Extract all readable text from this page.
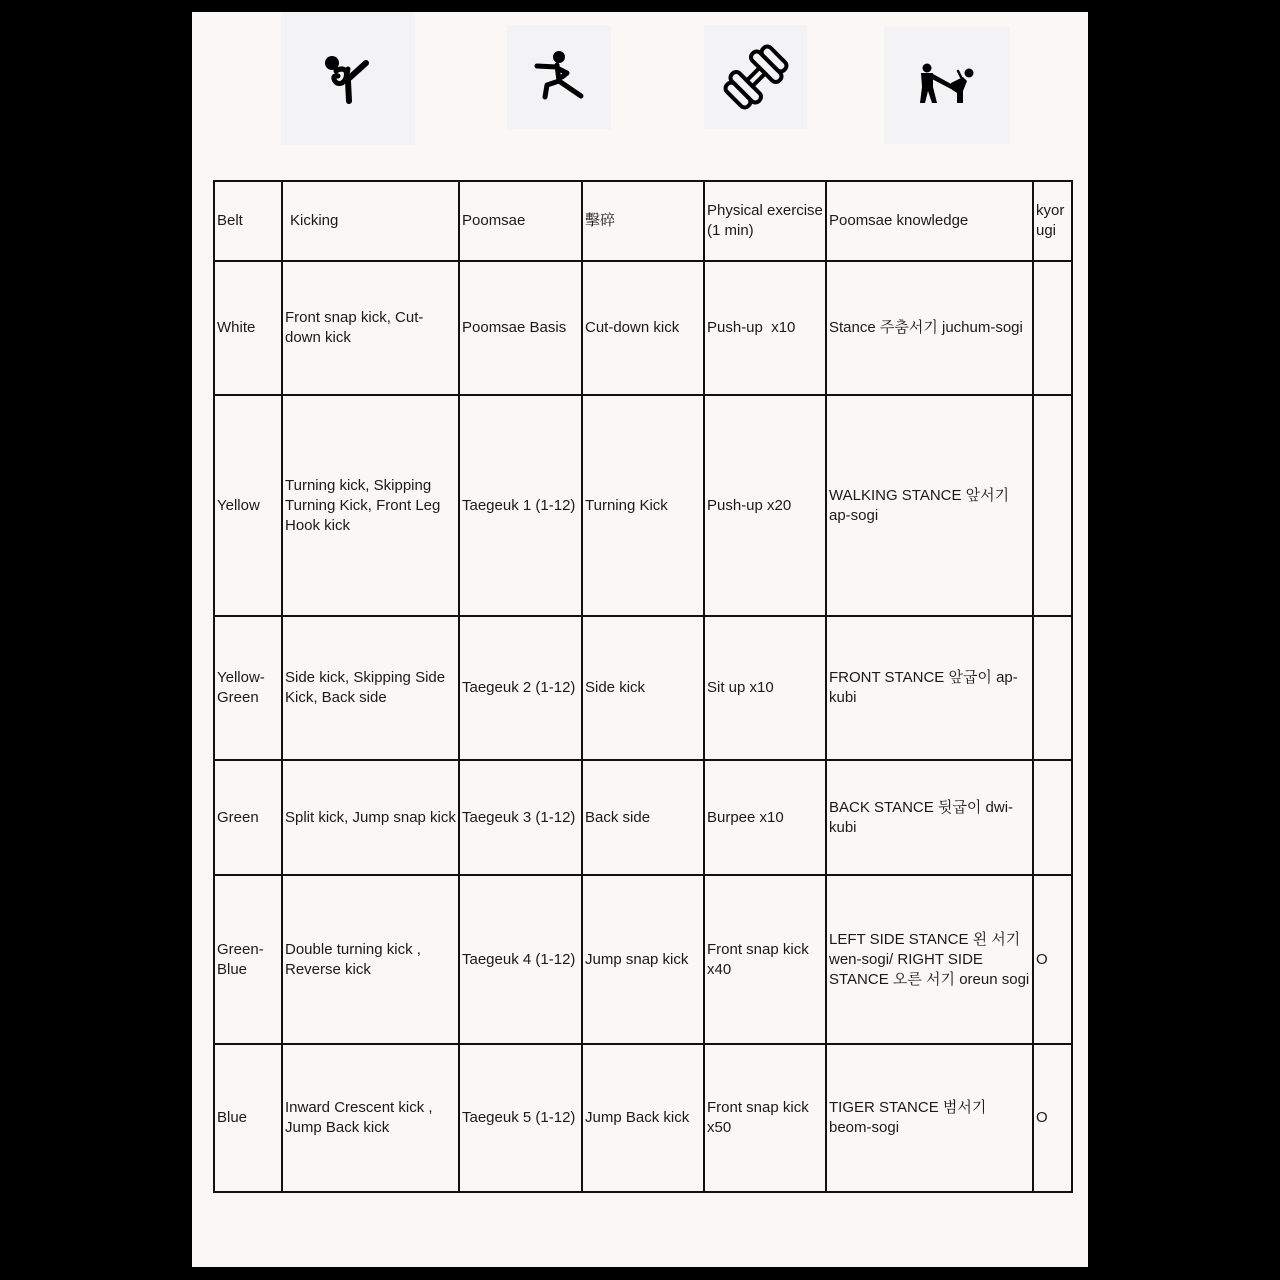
Belt	Kicking	Poomsae	擊碎	Physical exercise (1 min)	Poomsae knowledge	kyorugi
White	Front snap kick, Cut-down kick	Poomsae Basis	Cut-down kick	Push-up  x10	Stance 주춤서기 juchum-sogi	
Yellow	Turning kick, Skipping Turning Kick, Front Leg Hook kick	Taegeuk 1 (1-12)	Turning Kick	Push-up x20	WALKING STANCE 앞서기 ap-sogi	
Yellow-Green	Side kick, Skipping Side Kick, Back side	Taegeuk 2 (1-12)	Side kick	Sit up x10	FRONT STANCE 앞굽이 ap-kubi	
Green	Split kick, Jump snap kick	Taegeuk 3 (1-12)	Back side	Burpee x10	BACK STANCE 뒷굽이 dwi-kubi	
Green-Blue	Double turning kick , Reverse kick	Taegeuk 4 (1-12)	Jump snap kick	Front snap kick x40	LEFT SIDE STANCE 왼 서기 wen-sogi/ RIGHT SIDE STANCE 오른 서기 oreun sogi	O
Blue	Inward Crescent kick , Jump Back kick	Taegeuk 5 (1-12)	Jump Back kick	Front snap kick x50	TIGER STANCE 범서기 beom-sogi	O
